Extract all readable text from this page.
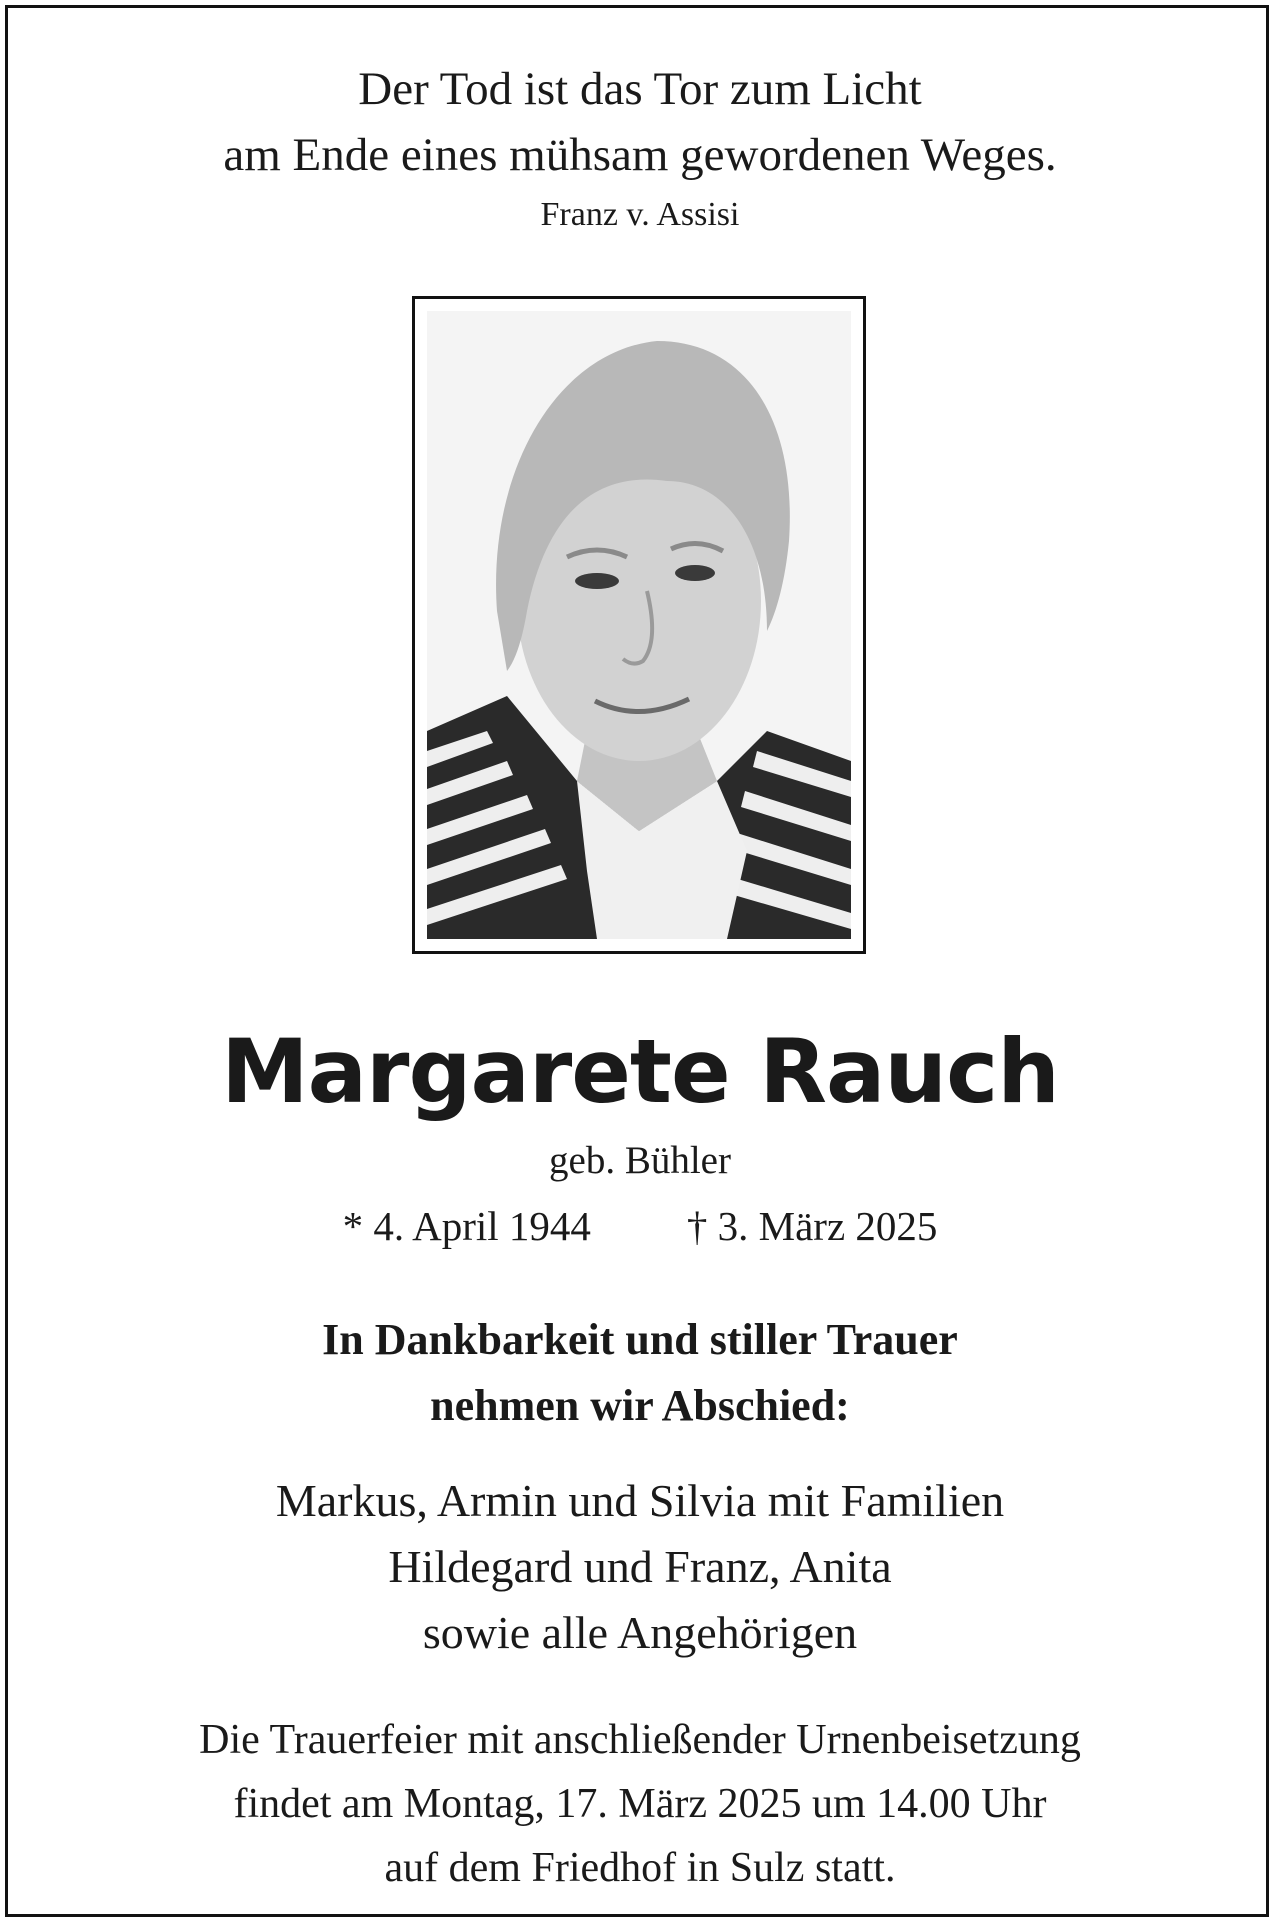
Der Tod ist das Tor zum Licht
am Ende eines mühsam gewordenen Weges.
Franz v. Assisi
Margarete Rauch
geb. Bühler
* 4. April 1944 † 3. März 2025
In Dankbarkeit und stiller Trauer
nehmen wir Abschied:
Markus, Armin und Silvia mit Familien
Hildegard und Franz, Anita
sowie alle Angehörigen
Die Trauerfeier mit anschließender Urnenbeisetzung
findet am Montag, 17. März 2025 um 14.00 Uhr
auf dem Friedhof in Sulz statt.
